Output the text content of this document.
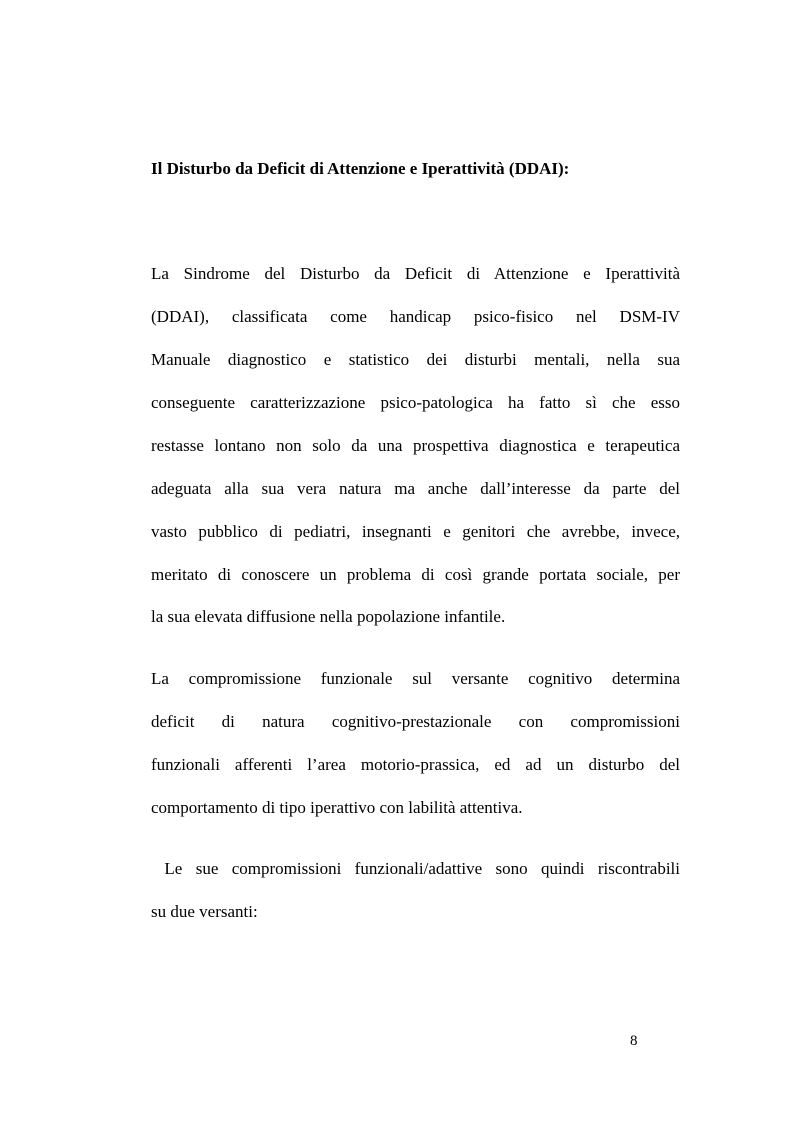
Il Disturbo da Deficit di Attenzione e Iperattività (DDAI):
La Sindrome del Disturbo da Deficit di Attenzione e Iperattività
(DDAI), classificata come handicap psico-fisico nel DSM-IV
Manuale diagnostico e statistico dei disturbi mentali, nella sua
conseguente caratterizzazione psico-patologica ha fatto sì che esso
restasse lontano non solo da una prospettiva diagnostica e terapeutica
adeguata alla sua vera natura ma anche dall’interesse da parte del
vasto pubblico di pediatri, insegnanti e genitori che avrebbe, invece,
meritato di conoscere un problema di così grande portata sociale, per
la sua elevata diffusione nella popolazione infantile.
La compromissione funzionale sul versante cognitivo determina
deficit di natura cognitivo-prestazionale con compromissioni
funzionali afferenti l’area motorio-prassica, ed ad un disturbo del
comportamento di tipo iperattivo con labilità attentiva.
Le sue compromissioni funzionali/adattive sono quindi riscontrabili
su due versanti:
8
